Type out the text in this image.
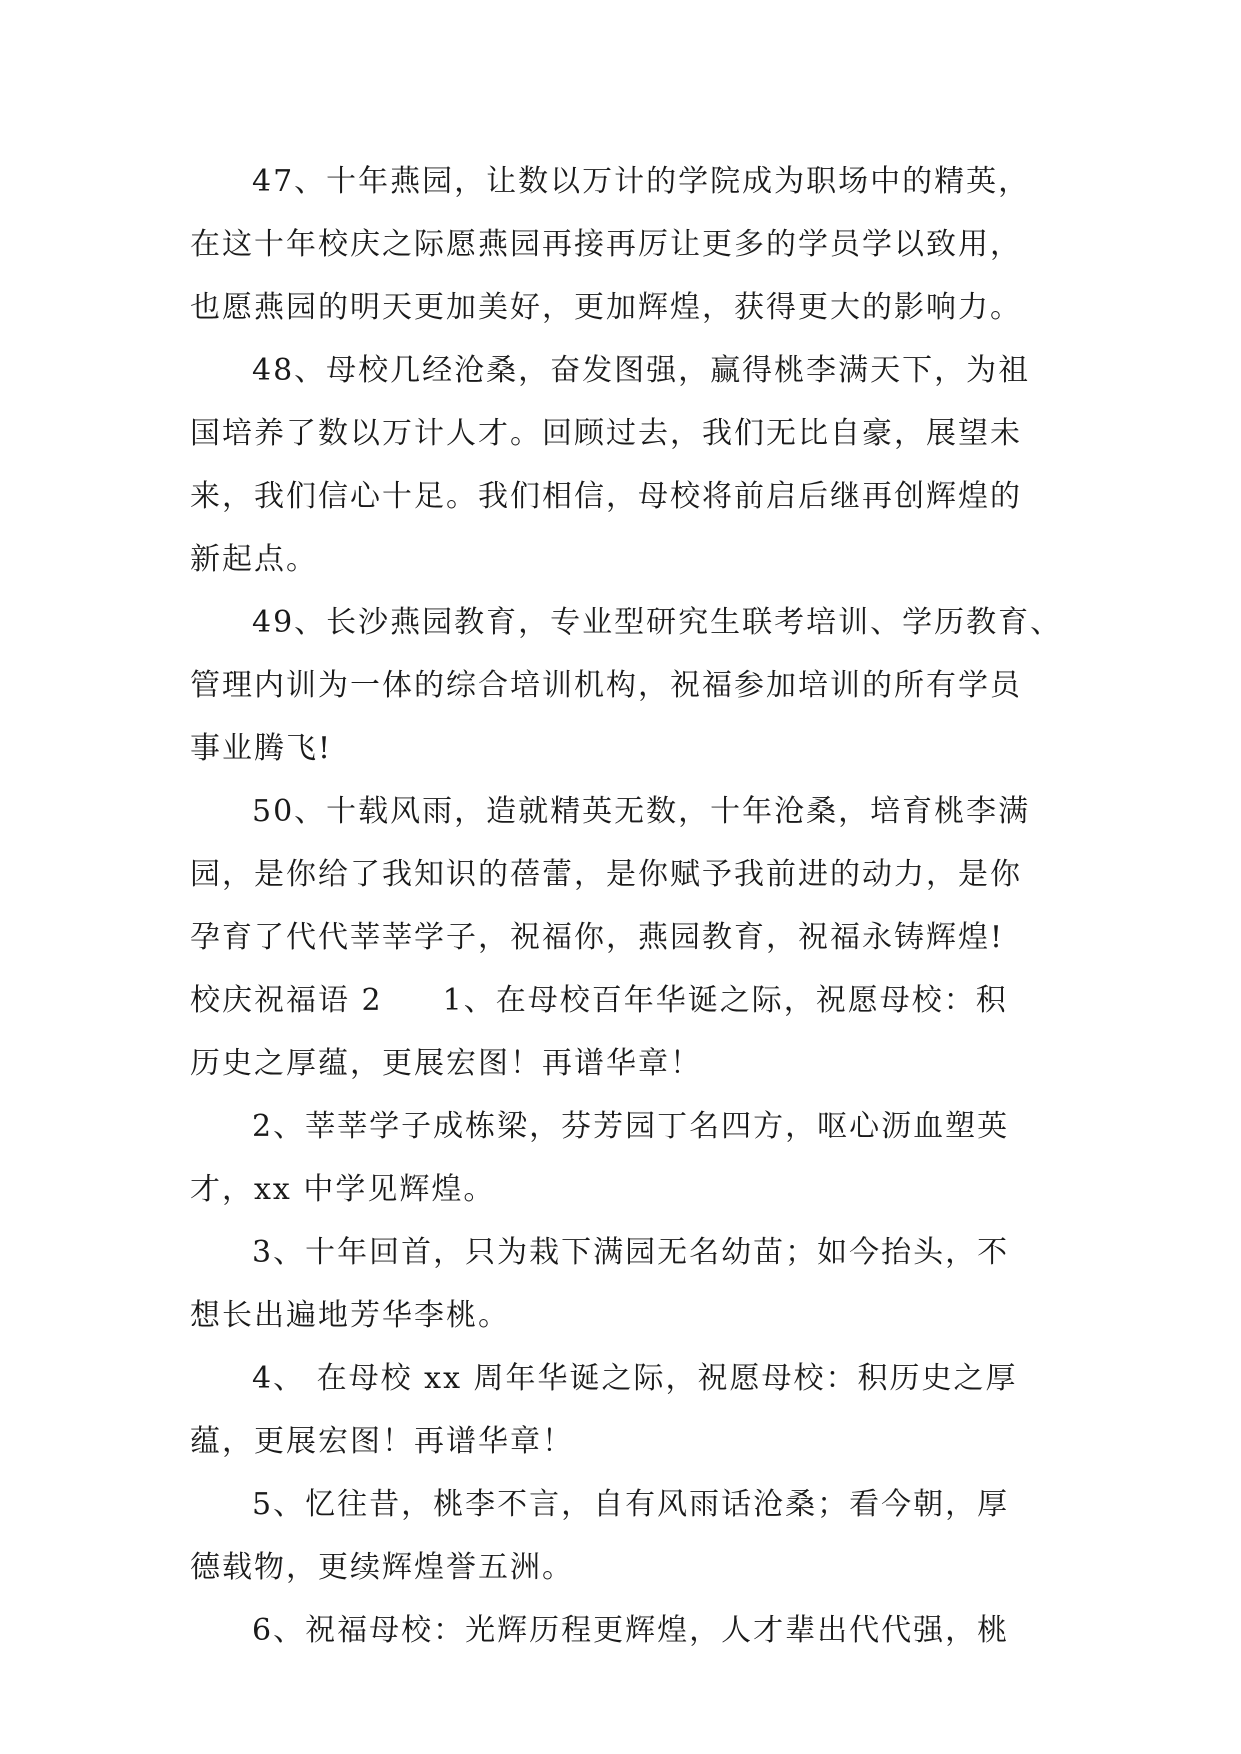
47、十年燕园，让数以万计的学院成为职场中的精英，
在这十年校庆之际愿燕园再接再厉让更多的学员学以致用，
也愿燕园的明天更加美好，更加辉煌，获得更大的影响力。
48、母校几经沧桑，奋发图强，赢得桃李满天下，为祖
国培养了数以万计人才。回顾过去，我们无比自豪，展望未
来，我们信心十足。我们相信，母校将前启后继再创辉煌的
新起点。
49、长沙燕园教育，专业型研究生联考培训、学历教育、
管理内训为一体的综合培训机构，祝福参加培训的所有学员
事业腾飞!
50、十载风雨，造就精英无数，十年沧桑，培育桃李满
园，是你给了我知识的蓓蕾，是你赋予我前进的动力，是你
孕育了代代莘莘学子，祝福你，燕园教育，祝福永铸辉煌!
校庆祝福语 2 1、在母校百年华诞之际，祝愿母校：积
历史之厚蕴，更展宏图！再谱华章！
2、莘莘学子成栋梁，芬芳园丁名四方，呕心沥血塑英
才，xx 中学见辉煌。
3、十年回首，只为栽下满园无名幼苗；如今抬头，不
想长出遍地芳华李桃。
4、 在母校 xx 周年华诞之际，祝愿母校：积历史之厚
蕴，更展宏图！再谱华章！
5、忆往昔，桃李不言，自有风雨话沧桑；看今朝，厚
德载物，更续辉煌誉五洲。
6、祝福母校：光辉历程更辉煌，人才辈出代代强，桃
